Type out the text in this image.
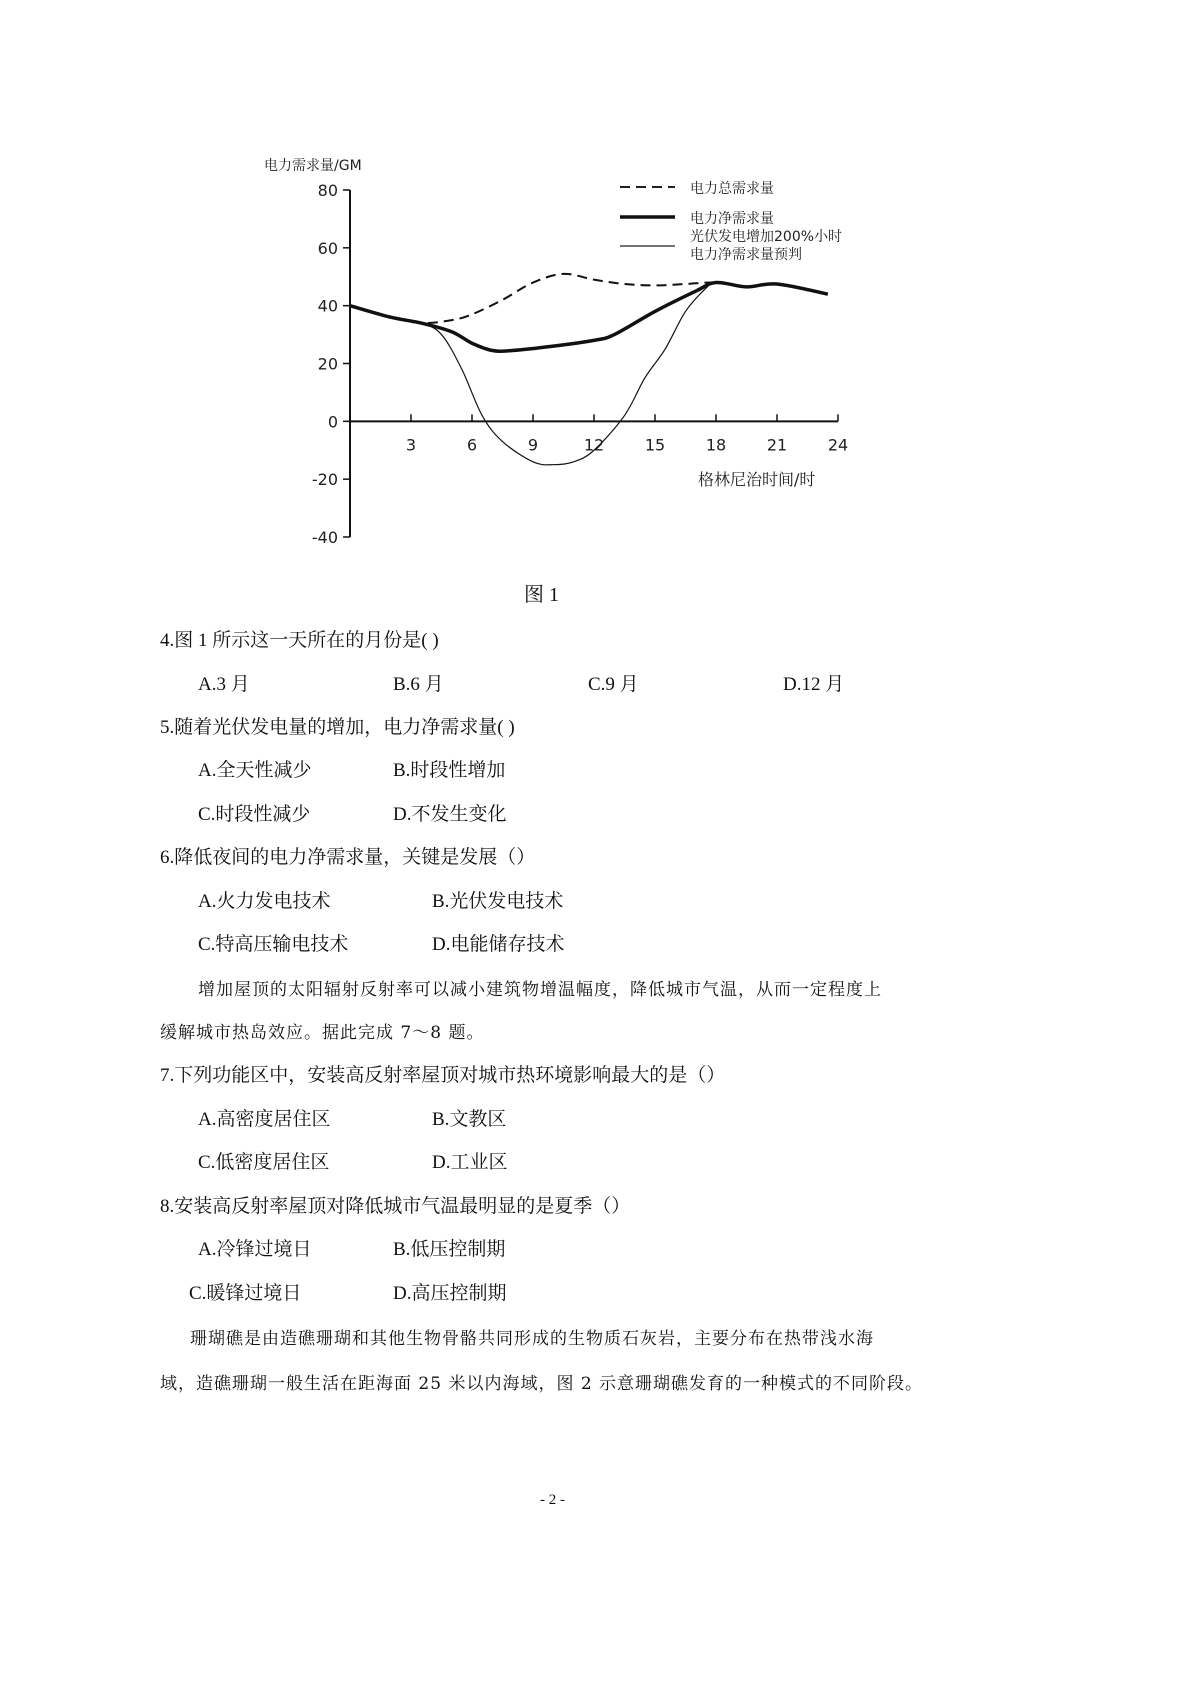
电力需求量/GM
格林尼治时间/时
80
60
40
20
0
-20
-40
3	6	9	12	15	18	21	24
电力总需求量
电力净需求量
光伏发电增加200%小时
电力净需求量预判
图 1
4.图 1 所示这一天所在的月份是( )
A.3 月	B.6 月	C.9 月	D.12 月
5.随着光伏发电量的增加，电力净需求量( )
A.全天性减少	B.时段性增加
C.时段性减少	D.不发生变化
6.降低夜间的电力净需求量，关键是发展（）
A.火力发电技术	B.光伏发电技术
C.特高压输电技术	D.电能储存技术
增加屋顶的太阳辐射反射率可以减小建筑物增温幅度，降低城市气温，从而一定程度上
缓解城市热岛效应。据此完成 7～8 题。
7.下列功能区中，安装高反射率屋顶对城市热环境影响最大的是（）
A.高密度居住区	B.文教区
C.低密度居住区	D.工业区
8.安装高反射率屋顶对降低城市气温最明显的是夏季（）
A.冷锋过境日	B.低压控制期
C.暖锋过境日	D.高压控制期
珊瑚礁是由造礁珊瑚和其他生物骨骼共同形成的生物质石灰岩，主要分布在热带浅水海
域，造礁珊瑚一般生活在距海面 25 米以内海域，图 2 示意珊瑚礁发育的一种模式的不同阶段。
- 2 -
